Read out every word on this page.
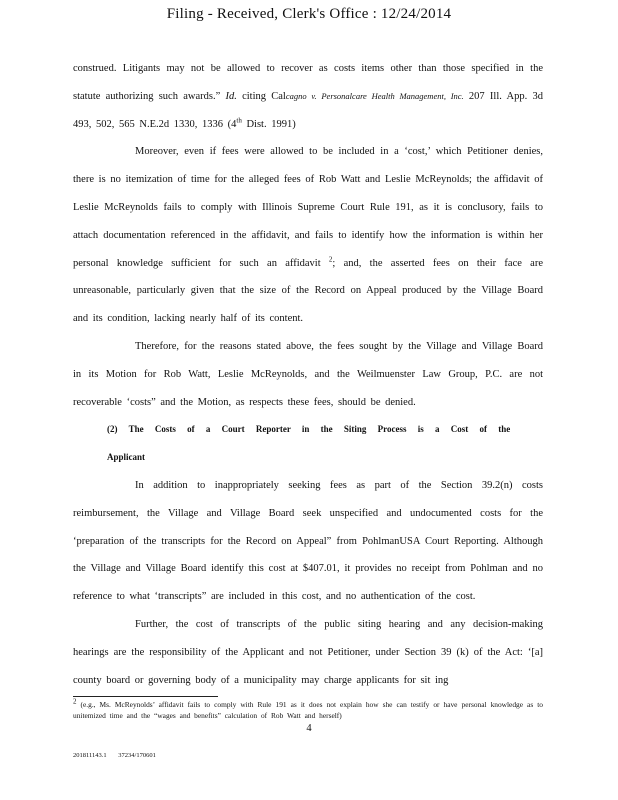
Filing - Received, Clerk's Office : 12/24/2014

construed. Litigants may not be allowed to recover as costs items other than those specified in the statute authorizing such awards.” Id. citing Calcagno v. Personalcare Health Management, Inc. 207 Ill. App. 3d 493, 502, 565 N.E.2d 1330, 1336 (4th Dist. 1991)

Moreover, even if fees were allowed to be included in a ‘cost,’ which Petitioner denies, there is no itemization of time for the alleged fees of Rob Watt and Leslie McReynolds; the affidavit of Leslie McReynolds fails to comply with Illinois Supreme Court Rule 191, as it is conclusory, fails to attach documentation referenced in the affidavit, and fails to identify how the information is within her personal knowledge sufficient for such an affidavit $^2$; and, the asserted fees on their face are unreasonable, particularly given that the size of the Record on Appeal produced by the Village Board and its condition, lacking nearly half of its content.

Therefore, for the reasons stated above, the fees sought by the Village and Village Board in its Motion for Rob Watt, Leslie McReynolds, and the Weilmuenster Law Group, P.C. are not recoverable ‘costs” and the Motion, as respects these fees, should be denied.

(2) The Costs of a Court Reporter in the Siting Process is a Cost of the Applicant

In addition to inappropriately seeking fees as part of the Section 39.2(n) costs reimbursement, the Village and Village Board seek unspecified and undocumented costs for the ‘preparation of the transcripts for the Record on Appeal” from PohlmanUSA Court Reporting. Although the Village and Village Board identify this cost at $407.01, it provides no receipt from Pohlman and no reference to what ‘transcripts” are included in this cost, and no authentication of the cost.

Further, the cost of transcripts of the public siting hearing and any decision-making hearings are the responsibility of the Applicant and not Petitioner, under Section 39 (k) of the Act: ‘[a] county board or governing body of a municipality may charge applicants for sit ing

$^2$ (e.g., Ms. McReynolds’ affidavit fails to comply with Rule 191 as it does not explain how she can testify or have personal knowledge as to unitemized time and the “wages and benefits” calculation of Rob Watt and herself)
4
201811143.1 37234/170601
